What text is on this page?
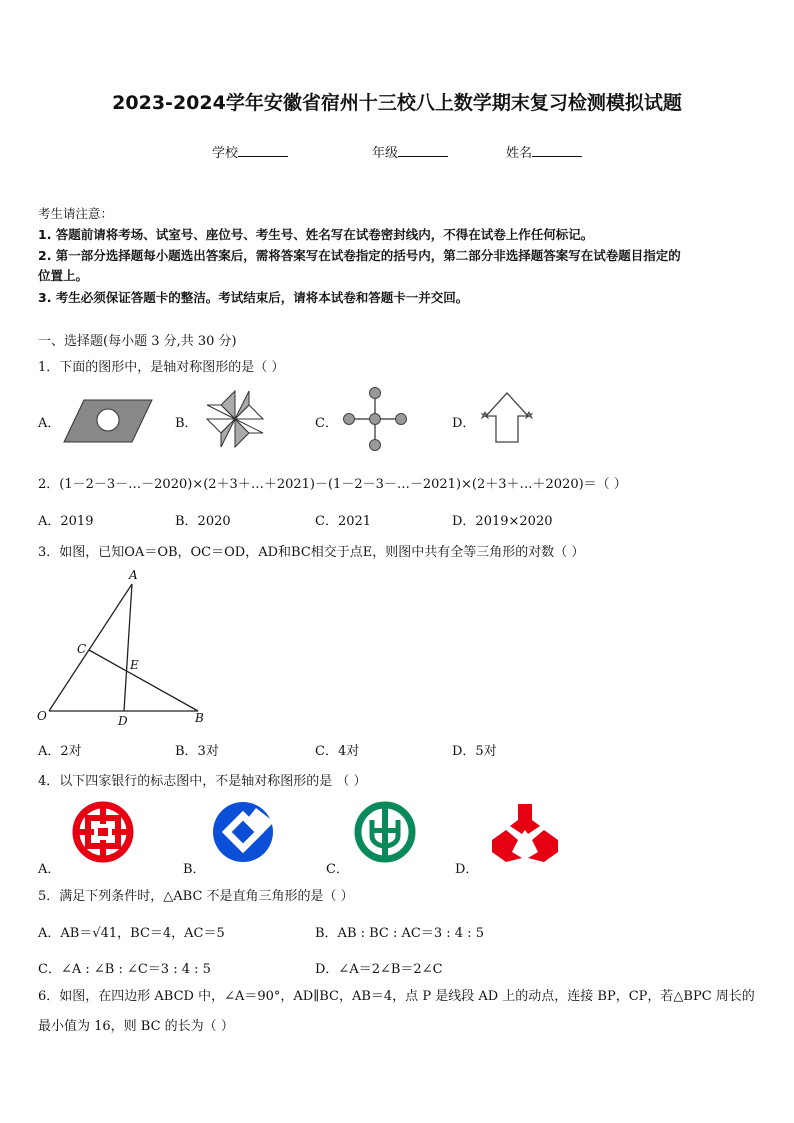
2023-2024学年安徽省宿州十三校八上数学期末复习检测模拟试题
学校	年级	姓名
考生请注意：
1. 答题前请将考场、试室号、座位号、考生号、姓名写在试卷密封线内，不得在试卷上作任何标记。
2. 第一部分选择题每小题选出答案后，需将答案写在试卷指定的括号内，第二部分非选择题答案写在试卷题目指定的
位置上。
3. 考生必须保证答题卡的整洁。考试结束后，请将本试卷和答题卡一并交回。
一、选择题(每小题 3 分,共 30 分)
1．下面的图形中，是轴对称图形的是（ ）
A．	B．	C．	D．
2．(1－2－3－…－2020)×(2＋3＋…＋2021)－(1－2－3－…－2021)×(2＋3＋…＋2020)＝（ ）
A．2019	B．2020	C．2021	D．2019×2020
3．如图，已知OA＝OB，OC＝OD，AD和BC相交于点E，则图中共有全等三角形的对数（ ）
A
C
E
O	D	B
A．2对	B．3对	C．4对	D．5对
4．以下四家银行的标志图中，不是轴对称图形的是 （ ）
A．	B．	C．	D．
5．满足下列条件时，△ABC 不是直角三角形的是（ ）
A．AB＝√41，BC＝4，AC＝5	B．AB : BC : AC＝3 : 4 : 5
C．∠A : ∠B : ∠C＝3 : 4 : 5	D．∠A＝2∠B＝2∠C
6．如图，在四边形 ABCD 中，∠A＝90°，AD∥BC，AB＝4，点 P 是线段 AD 上的动点，连接 BP，CP，若△BPC 周长的最小值为 16，则 BC 的长为（ ）
